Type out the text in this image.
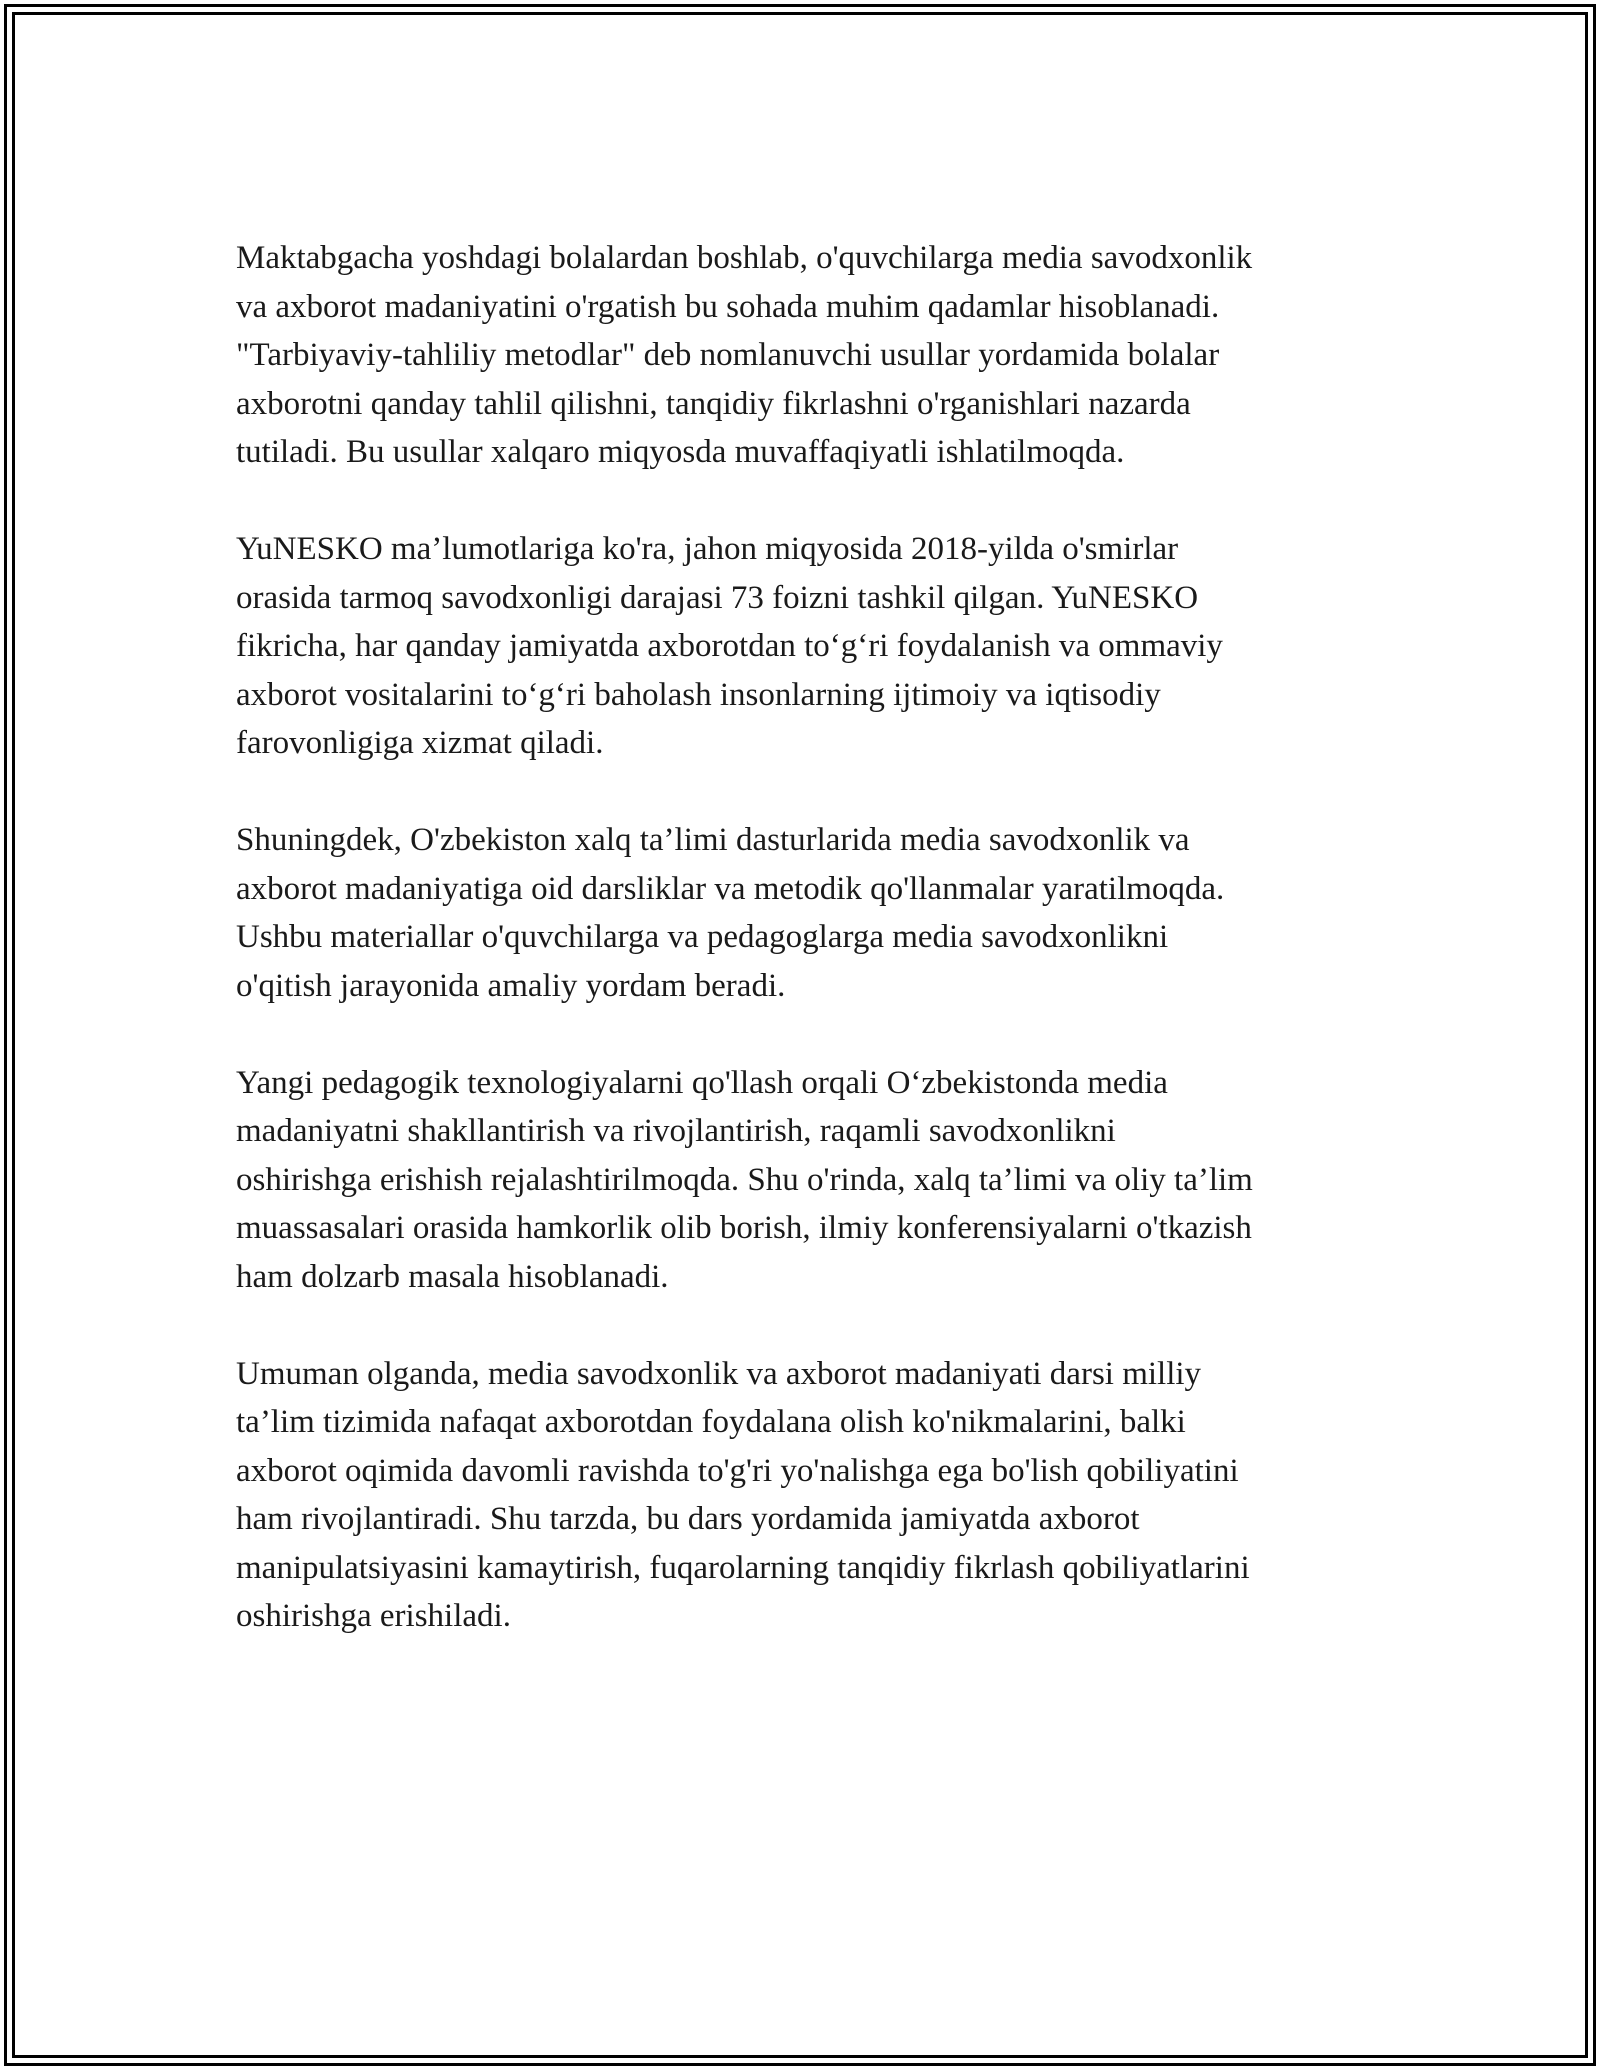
Maktabgacha yoshdagi bolalardan boshlab, o'quvchilarga media savodxonlik
va axborot madaniyatini o'rgatish bu sohada muhim qadamlar hisoblanadi.
"Tarbiyaviy-tahliliy metodlar" deb nomlanuvchi usullar yordamida bolalar
axborotni qanday tahlil qilishni, tanqidiy fikrlashni o'rganishlari nazarda
tutiladi. Bu usullar xalqaro miqyosda muvaffaqiyatli ishlatilmoqda.

YuNESKO ma’lumotlariga ko'ra, jahon miqyosida 2018-yilda o'smirlar
orasida tarmoq savodxonligi darajasi 73 foizni tashkil qilgan. YuNESKO
fikricha, har qanday jamiyatda axborotdan to‘g‘ri foydalanish va ommaviy
axborot vositalarini to‘g‘ri baholash insonlarning ijtimoiy va iqtisodiy
farovonligiga xizmat qiladi.

Shuningdek, O'zbekiston xalq ta’limi dasturlarida media savodxonlik va
axborot madaniyatiga oid darsliklar va metodik qo'llanmalar yaratilmoqda.
Ushbu materiallar o'quvchilarga va pedagoglarga media savodxonlikni
o'qitish jarayonida amaliy yordam beradi.

Yangi pedagogik texnologiyalarni qo'llash orqali O‘zbekistonda media
madaniyatni shakllantirish va rivojlantirish, raqamli savodxonlikni
oshirishga erishish rejalashtirilmoqda. Shu o'rinda, xalq ta’limi va oliy ta’lim
muassasalari orasida hamkorlik olib borish, ilmiy konferensiyalarni o'tkazish
ham dolzarb masala hisoblanadi.

Umuman olganda, media savodxonlik va axborot madaniyati darsi milliy
ta’lim tizimida nafaqat axborotdan foydalana olish ko'nikmalarini, balki
axborot oqimida davomli ravishda to'g'ri yo'nalishga ega bo'lish qobiliyatini
ham rivojlantiradi. Shu tarzda, bu dars yordamida jamiyatda axborot
manipulatsiyasini kamaytirish, fuqarolarning tanqidiy fikrlash qobiliyatlarini
oshirishga erishiladi.
